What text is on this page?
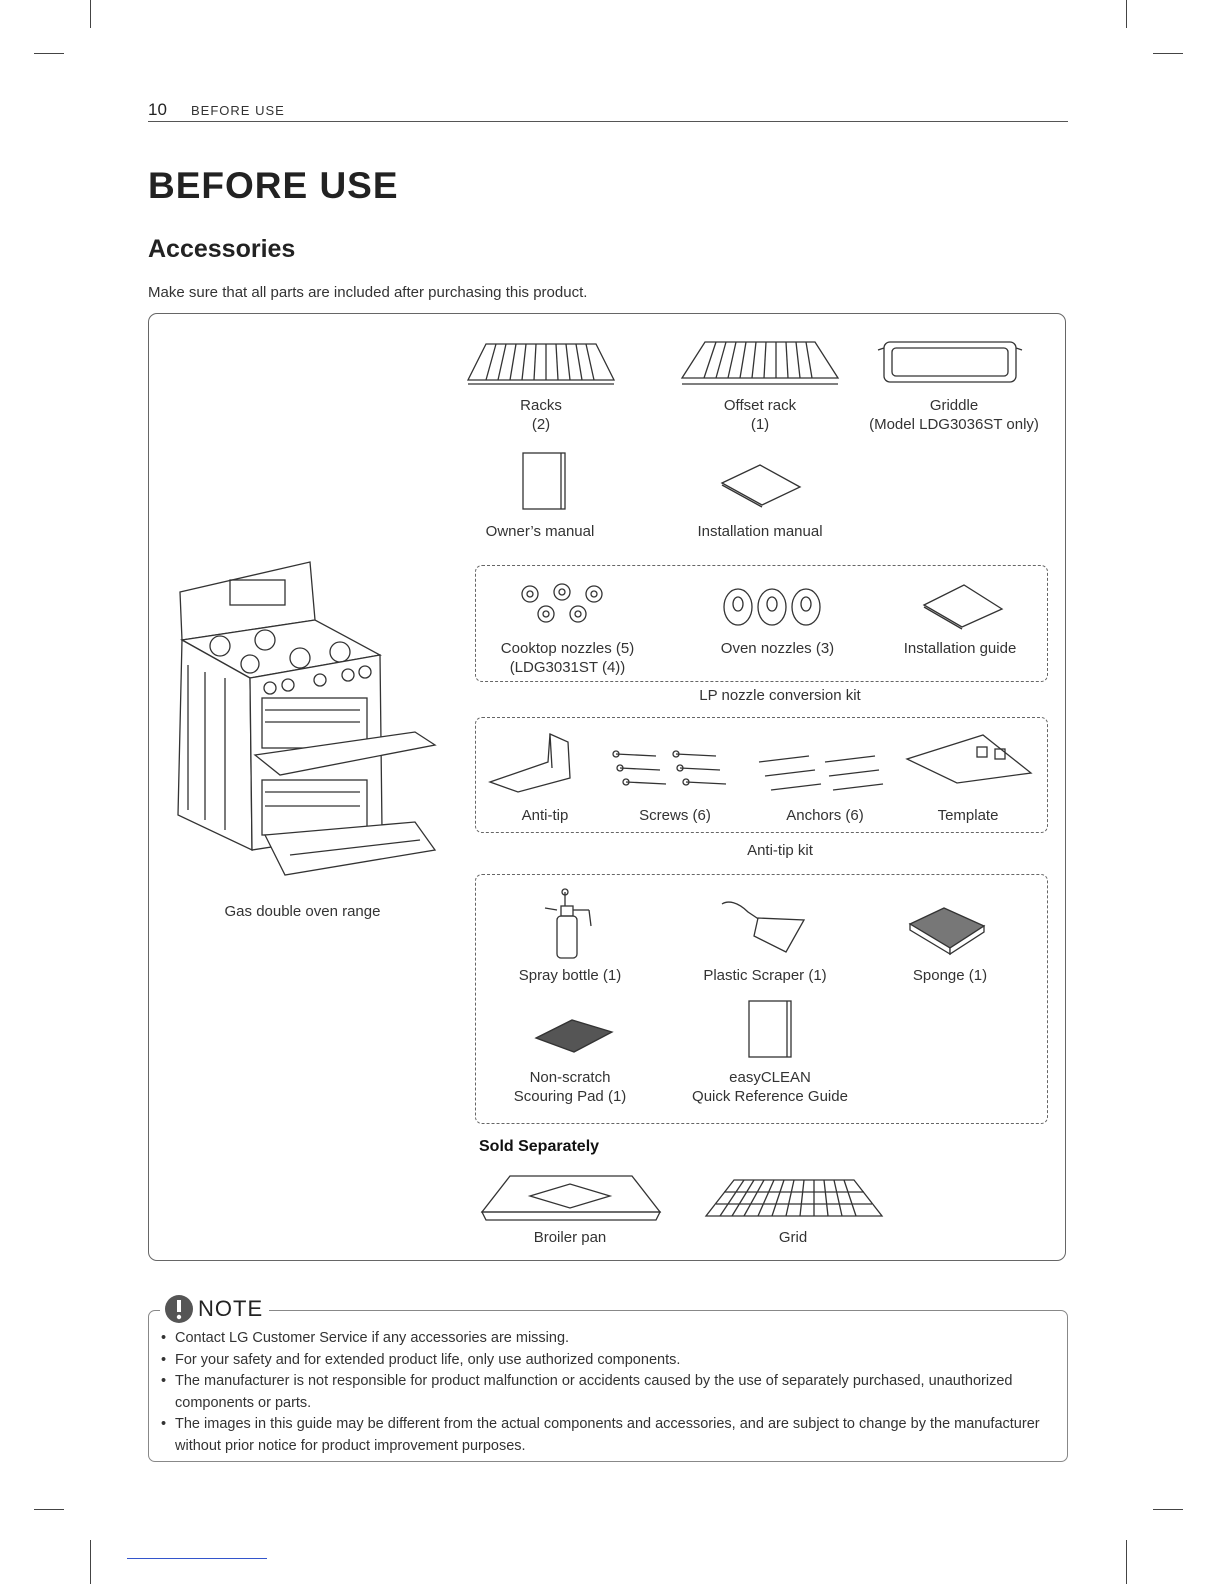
10 BEFORE USE
BEFORE USE
Accessories
Make sure that all parts are included after purchasing this product.
Gas double oven range
Racks
(2)
Offset rack
(1)
Griddle
(Model LDG3036ST only)
Owner’s manual	Installation manual
Cooktop nozzles (5)
(LDG3031ST (4))
Oven nozzles (3)	Installation guide
LP nozzle conversion kit
Anti-tip	Screws (6)	Anchors (6)	Template
Anti-tip kit
Spray bottle (1)	Plastic Scraper (1)	Sponge (1)
Non-scratch
Scouring Pad (1)
easyCLEAN
Quick Reference Guide
Sold Separately
Broiler pan	Grid
NOTE
• Contact LG Customer Service if any accessories are missing.
• For your safety and for extended product life, only use authorized components.
• The manufacturer is not responsible for product malfunction or accidents caused by the use of separately purchased, unauthorized components or parts.
• The images in this guide may be different from the actual components and accessories, and are subject to change by the manufacturer without prior notice for product improvement purposes.
